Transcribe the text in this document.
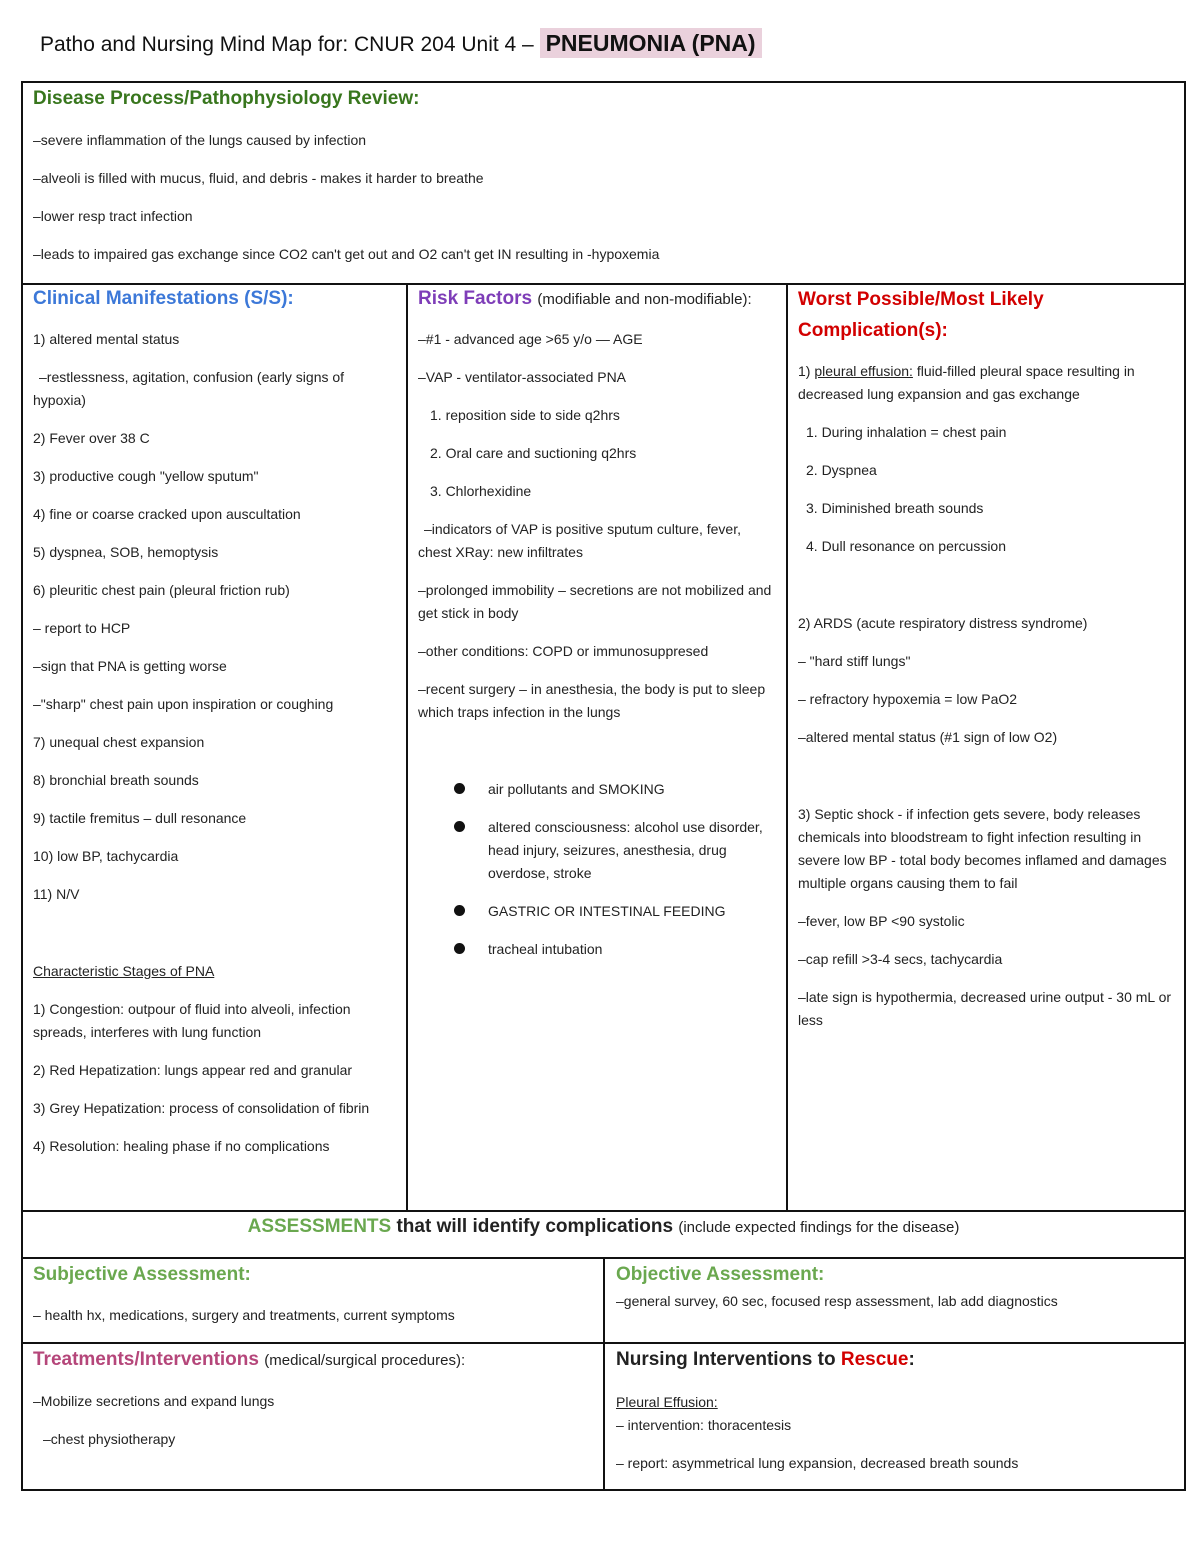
Patho and Nursing Mind Map for: CNUR 204 Unit 4 – PNEUMONIA (PNA)
Disease Process/Pathophysiology Review:

–severe inflammation of the lungs caused by infection

–alveoli is filled with mucus, fluid, and debris - makes it harder to breathe

–lower resp tract infection

–leads to impaired gas exchange since CO2 can't get out and O2 can't get IN resulting in -hypoxemia

Clinical Manifestations (S/S):

1) altered mental status

–restlessness, agitation, confusion (early signs of hypoxia)

2) Fever over 38 C

3) productive cough "yellow sputum"

4) fine or coarse cracked upon auscultation

5) dyspnea, SOB, hemoptysis

6) pleuritic chest pain (pleural friction rub)

– report to HCP

–sign that PNA is getting worse

–"sharp" chest pain upon inspiration or coughing

7) unequal chest expansion

8) bronchial breath sounds

9) tactile fremitus – dull resonance

10) low BP, tachycardia

11) N/V

Characteristic Stages of PNA

1) Congestion: outpour of fluid into alveoli, infection spreads, interferes with lung function

2) Red Hepatization: lungs appear red and granular

3) Grey Hepatization: process of consolidation of fibrin

4) Resolution: healing phase if no complications

Risk Factors (modifiable and non-modifiable):

–#1 - advanced age >65 y/o — AGE

–VAP - ventilator-associated PNA

1. reposition side to side q2hrs

2. Oral care and suctioning q2hrs

3. Chlorhexidine

–indicators of VAP is positive sputum culture, fever, chest XRay: new infiltrates

–prolonged immobility – secretions are not mobilized and get stick in body

–other conditions: COPD or immunosuppresed

–recent surgery – in anesthesia, the body is put to sleep which traps infection in the lungs

air pollutants and SMOKING
altered consciousness: alcohol use disorder, head injury, seizures, anesthesia, drug overdose, stroke
GASTRIC OR INTESTINAL FEEDING
tracheal intubation
Worst Possible/Most Likely Complication(s):

1) pleural effusion: fluid-filled pleural space resulting in decreased lung expansion and gas exchange

1. During inhalation = chest pain

2. Dyspnea

3. Diminished breath sounds

4. Dull resonance on percussion

2) ARDS (acute respiratory distress syndrome)

– "hard stiff lungs"

– refractory hypoxemia = low PaO2

–altered mental status (#1 sign of low O2)

3) Septic shock - if infection gets severe, body releases chemicals into bloodstream to fight infection resulting in severe low BP - total body becomes inflamed and damages multiple organs causing them to fail

–fever, low BP <90 systolic

–cap refill >3-4 secs, tachycardia

–late sign is hypothermia, decreased urine output - 30 mL or less

ASSESSMENTS that will identify complications (include expected findings for the disease)
Subjective Assessment:

– health hx, medications, surgery and treatments, current symptoms

Objective Assessment:

–general survey, 60 sec, focused resp assessment, lab add diagnostics

Treatments/Interventions (medical/surgical procedures):

–Mobilize secretions and expand lungs

–chest physiotherapy

Nursing Interventions to Rescue:

Pleural Effusion:

– intervention: thoracentesis

– report: asymmetrical lung expansion, decreased breath sounds
